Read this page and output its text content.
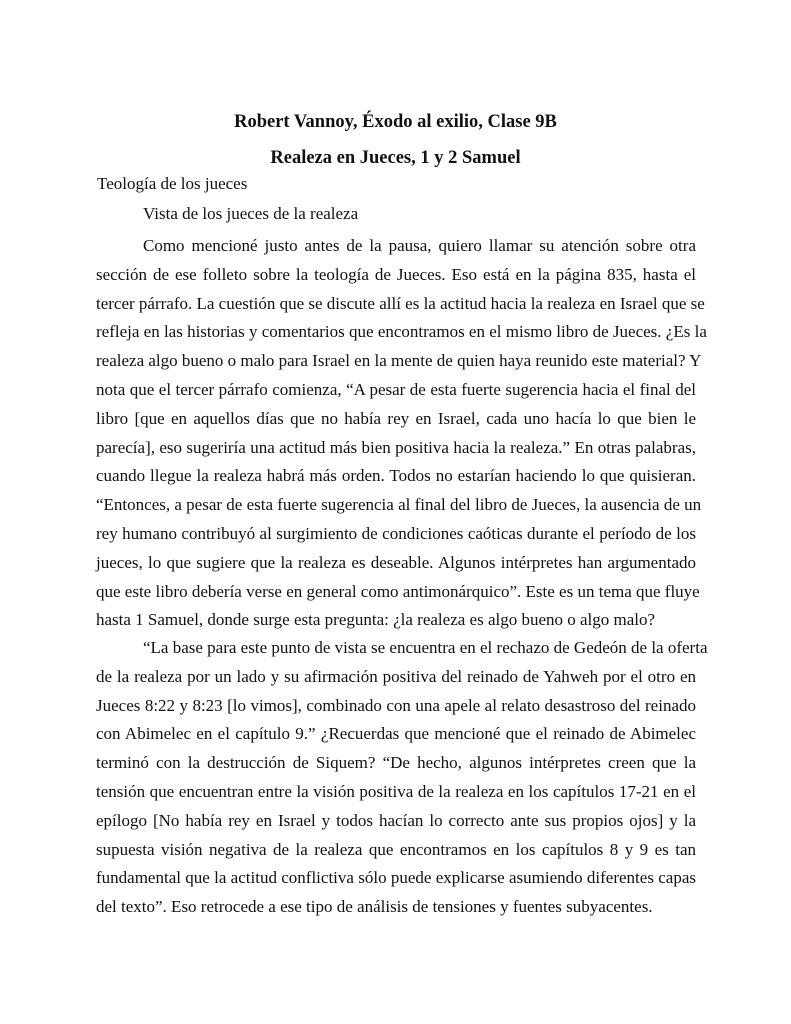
Robert Vannoy, Éxodo al exilio, Clase 9B
Realeza en Jueces, 1 y 2 Samuel
Teología de los jueces
Vista de los jueces de la realeza
Como mencioné justo antes de la pausa, quiero llamar su atención sobre otra
sección de ese folleto sobre la teología de Jueces. Eso está en la página 835, hasta el
tercer párrafo. La cuestión que se discute allí es la actitud hacia la realeza en Israel que se
refleja en las historias y comentarios que encontramos en el mismo libro de Jueces. ¿Es la
realeza algo bueno o malo para Israel en la mente de quien haya reunido este material? Y
nota que el tercer párrafo comienza, “A pesar de esta fuerte sugerencia hacia el final del
libro [que en aquellos días que no había rey en Israel, cada uno hacía lo que bien le
parecía], eso sugeriría una actitud más bien positiva hacia la realeza.” En otras palabras,
cuando llegue la realeza habrá más orden. Todos no estarían haciendo lo que quisieran.
“Entonces, a pesar de esta fuerte sugerencia al final del libro de Jueces, la ausencia de un
rey humano contribuyó al surgimiento de condiciones caóticas durante el período de los
jueces, lo que sugiere que la realeza es deseable. Algunos intérpretes han argumentado
que este libro debería verse en general como antimonárquico”. Este es un tema que fluye
hasta 1 Samuel, donde surge esta pregunta: ¿la realeza es algo bueno o algo malo?
“La base para este punto de vista se encuentra en el rechazo de Gedeón de la oferta
de la realeza por un lado y su afirmación positiva del reinado de Yahweh por el otro en
Jueces 8:22 y 8:23 [lo vimos], combinado con una apele al relato desastroso del reinado
con Abimelec en el capítulo 9.” ¿Recuerdas que mencioné que el reinado de Abimelec
terminó con la destrucción de Siquem? “De hecho, algunos intérpretes creen que la
tensión que encuentran entre la visión positiva de la realeza en los capítulos 17-21 en el
epílogo [No había rey en Israel y todos hacían lo correcto ante sus propios ojos] y la
supuesta visión negativa de la realeza que encontramos en los capítulos 8 y 9 es tan
fundamental que la actitud conflictiva sólo puede explicarse asumiendo diferentes capas
del texto”. Eso retrocede a ese tipo de análisis de tensiones y fuentes subyacentes.
